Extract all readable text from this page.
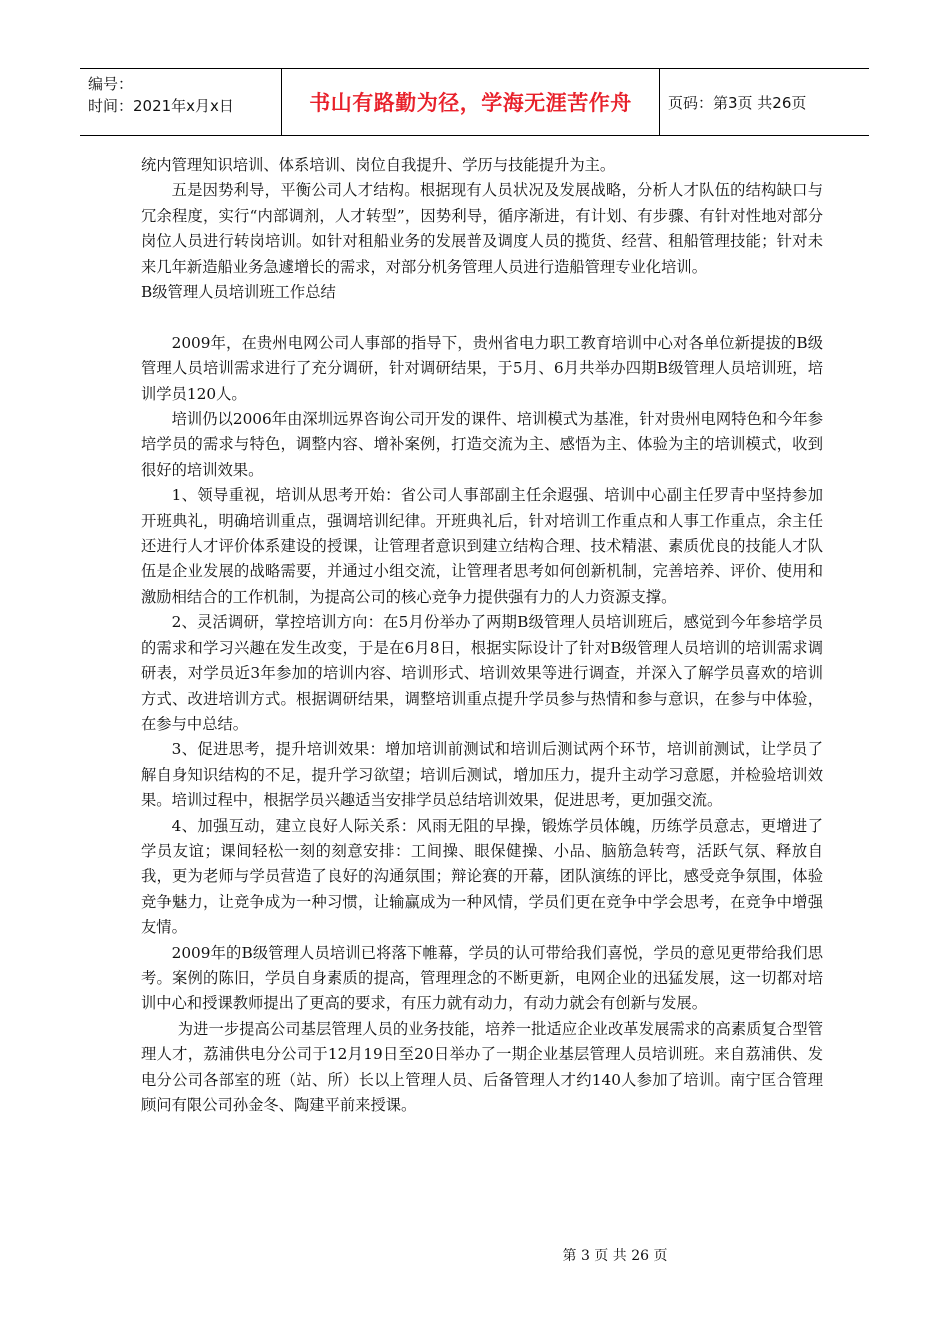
编号：
时间：2021年x月x日	书山有路勤为径，学海无涯苦作舟	页码：第3页 共26页

统内管理知识培训、体系培训、岗位自我提升、学历与技能提升为主。

五是因势利导，平衡公司人才结构。根据现有人员状况及发展战略，分析人才队伍的结构缺口与冗余程度，实行“内部调剂，人才转型”，因势利导，循序渐进，有计划、有步骤、有针对性地对部分岗位人员进行转岗培训。如针对租船业务的发展普及调度人员的揽货、经营、租船管理技能；针对未来几年新造船业务急遽增长的需求，对部分机务管理人员进行造船管理专业化培训。

B级管理人员培训班工作总结

2009年，在贵州电网公司人事部的指导下，贵州省电力职工教育培训中心对各单位新提拔的B级管理人员培训需求进行了充分调研，针对调研结果，于5月、6月共举办四期B级管理人员培训班，培训学员120人。

培训仍以2006年由深圳远界咨询公司开发的课件、培训模式为基准，针对贵州电网特色和今年参培学员的需求与特色，调整内容、增补案例，打造交流为主、感悟为主、体验为主的培训模式，收到很好的培训效果。

1、领导重视，培训从思考开始：省公司人事部副主任余遐强、培训中心副主任罗青中坚持参加开班典礼，明确培训重点，强调培训纪律。开班典礼后，针对培训工作重点和人事工作重点，余主任还进行人才评价体系建设的授课，让管理者意识到建立结构合理、技术精湛、素质优良的技能人才队伍是企业发展的战略需要，并通过小组交流，让管理者思考如何创新机制，完善培养、评价、使用和激励相结合的工作机制，为提高公司的核心竞争力提供强有力的人力资源支撑。

2、灵活调研，掌控培训方向：在5月份举办了两期B级管理人员培训班后，感觉到今年参培学员的需求和学习兴趣在发生改变，于是在6月8日，根据实际设计了针对B级管理人员培训的培训需求调研表，对学员近3年参加的培训内容、培训形式、培训效果等进行调查，并深入了解学员喜欢的培训方式、改进培训方式。根据调研结果，调整培训重点提升学员参与热情和参与意识，在参与中体验，在参与中总结。

3、促进思考，提升培训效果：增加培训前测试和培训后测试两个环节，培训前测试，让学员了解自身知识结构的不足，提升学习欲望；培训后测试，增加压力，提升主动学习意愿，并检验培训效果。培训过程中，根据学员兴趣适当安排学员总结培训效果，促进思考，更加强交流。

4、加强互动，建立良好人际关系：风雨无阻的早操，锻炼学员体魄，历练学员意志，更增进了学员友谊；课间轻松一刻的刻意安排：工间操、眼保健操、小品、脑筋急转弯，活跃气氛、释放自我，更为老师与学员营造了良好的沟通氛围；辩论赛的开幕，团队演练的评比，感受竞争氛围，体验竞争魅力，让竞争成为一种习惯，让输赢成为一种风情，学员们更在竞争中学会思考，在竞争中增强友情。

2009年的B级管理人员培训已将落下帷幕，学员的认可带给我们喜悦，学员的意见更带给我们思考。案例的陈旧，学员自身素质的提高，管理理念的不断更新，电网企业的迅猛发展，这一切都对培训中心和授课教师提出了更高的要求，有压力就有动力，有动力就会有创新与发展。

为进一步提高公司基层管理人员的业务技能，培养一批适应企业改革发展需求的高素质复合型管理人才，荔浦供电分公司于12月19日至20日举办了一期企业基层管理人员培训班。来自荔浦供、发电分公司各部室的班（站、所）长以上管理人员、后备管理人才约140人参加了培训。南宁匡合管理顾问有限公司孙金冬、陶建平前来授课。

第 3 页 共 26 页
